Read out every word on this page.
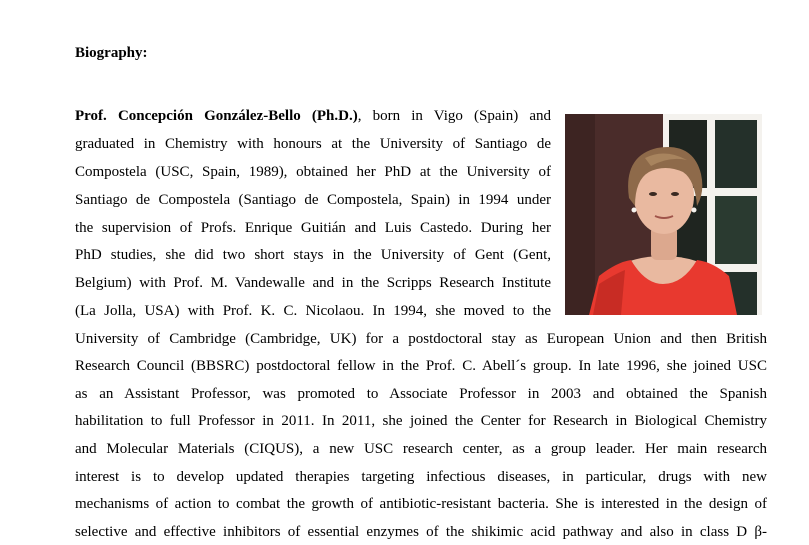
Biography:
Prof. Concepción González-Bello (Ph.D.), born in Vigo (Spain) and
graduated in Chemistry with honours at the University of Santiago de
Compostela (USC, Spain, 1989), obtained her PhD at the University of
Santiago de Compostela (Santiago de Compostela, Spain) in 1994 under
the supervision of Profs. Enrique Guitián and Luis Castedo. During her
PhD studies, she did two short stays in the University of Gent (Gent,
Belgium) with Prof. M. Vandewalle and in the Scripps Research Institute
(La Jolla, USA) with Prof. K. C. Nicolaou. In 1994, she moved to the
University of Cambridge (Cambridge, UK) for a postdoctoral stay as European Union and then British
Research Council (BBSRC) postdoctoral fellow in the Prof. C. Abell´s group. In late 1996, she joined USC
as an Assistant Professor, was promoted to Associate Professor in 2003 and obtained the Spanish
habilitation to full Professor in 2011. In 2011, she joined the Center for Research in Biological Chemistry
and Molecular Materials (CIQUS), a new USC research center, as a group leader. Her main research
interest is to develop updated therapies targeting infectious diseases, in particular, drugs with new
mechanisms of action to combat the growth of antibiotic-resistant bacteria. She is interested in the design of
selective and effective inhibitors of essential enzymes of the shikimic acid pathway and also in class D β-
